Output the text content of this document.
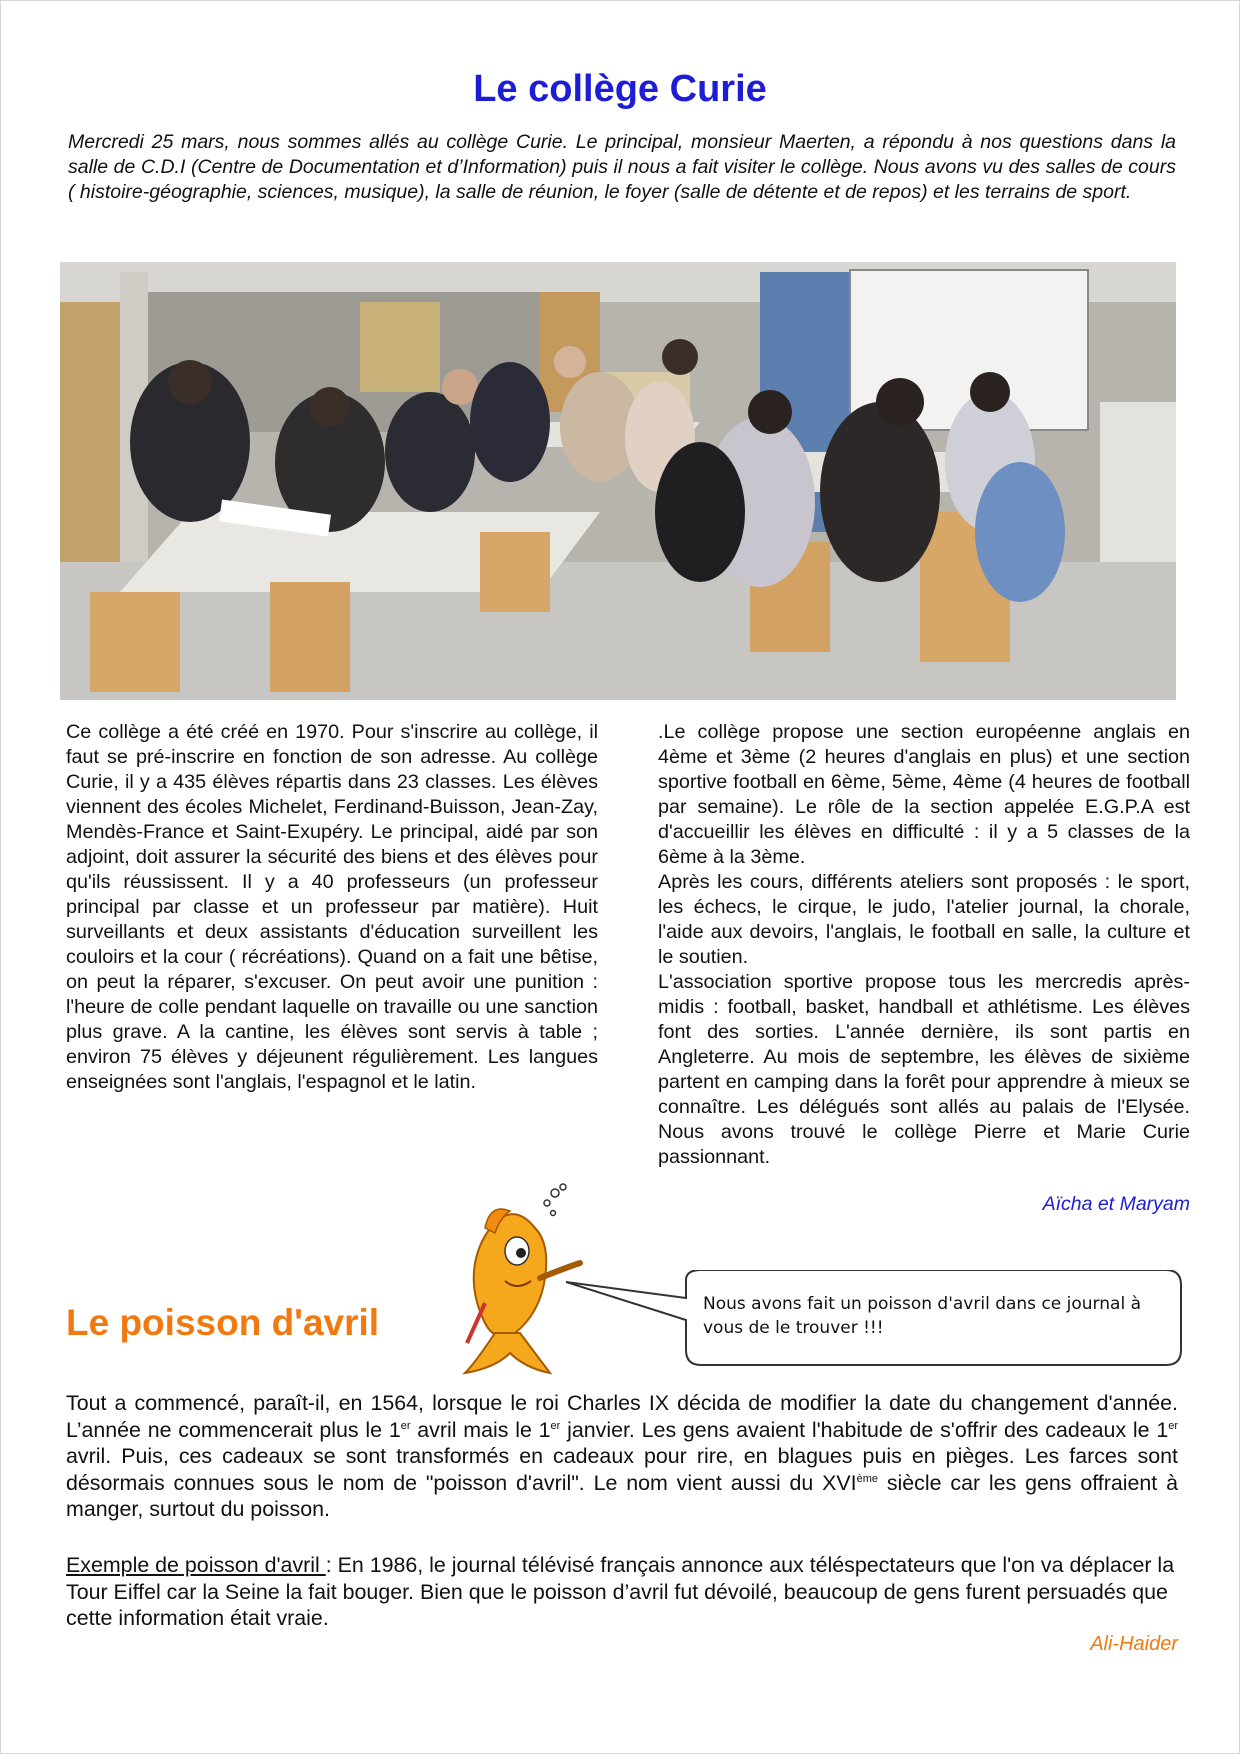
Le collège Curie

Mercredi 25 mars, nous sommes allés au collège Curie. Le principal, monsieur Maerten, a répondu à nos questions dans la salle de C.D.I (Centre de Documentation et d’Information) puis il nous a fait visiter le collège. Nous avons vu des salles de cours ( histoire-géographie, sciences, musique), la salle de réunion, le foyer (salle de détente et de repos) et les terrains de sport.

Ce collège a été créé en 1970. Pour s'inscrire au collège, il faut se pré-inscrire en fonction de son adresse. Au collège Curie, il y a 435 élèves répartis dans 23 classes. Les élèves viennent des écoles Michelet, Ferdinand-Buisson, Jean-Zay, Mendès-France et Saint-Exupéry. Le principal, aidé par son adjoint, doit assurer la sécurité des biens et des élèves pour qu'ils réussissent. Il y a 40 professeurs (un professeur principal par classe et un professeur par matière). Huit surveillants et deux assistants d'éducation surveillent les couloirs et la cour ( récréations). Quand on a fait une bêtise, on peut la réparer, s'excuser. On peut avoir une punition : l'heure de colle pendant laquelle on travaille ou une sanction plus grave. A la cantine, les élèves sont servis à table ; environ 75 élèves y déjeunent régulièrement. Les langues enseignées sont l'anglais, l'espagnol et le latin.

.Le collège propose une section européenne anglais en 4ème et 3ème (2 heures d'anglais en plus) et une section sportive football en 6ème, 5ème, 4ème (4 heures de football par semaine). Le rôle de la section appelée E.G.P.A est d'accueillir les élèves en difficulté : il y a 5 classes de la 6ème à la 3ème.

Après les cours, différents ateliers sont proposés : le sport, les échecs, le cirque, le judo, l'atelier journal, la chorale, l'aide aux devoirs, l'anglais, le football en salle, la culture et le soutien.

L'association sportive propose tous les mercredis après-midis : football, basket, handball et athlétisme. Les élèves font des sorties. L'année dernière, ils sont partis en Angleterre. Au mois de septembre, les élèves de sixième partent en camping dans la forêt pour apprendre à mieux se connaître. Les délégués sont allés au palais de l'Elysée. Nous avons trouvé le collège Pierre et Marie Curie passionnant.

Aïcha et Maryam
Le poisson d'avril	Nous avons fait un poisson d'avril dans ce journal à vous de le trouver !!!

Tout a commencé, paraît-il, en 1564, lorsque le roi Charles IX décida de modifier la date du changement d'année. L’année ne commencerait plus le 1er avril mais le 1er janvier. Les gens avaient l'habitude de s'offrir des cadeaux le 1er avril. Puis, ces cadeaux se sont transformés en cadeaux pour rire, en blagues puis en pièges. Les farces sont désormais connues sous le nom de "poisson d'avril". Le nom vient aussi du XVIème siècle car les gens offraient à manger, surtout du poisson.

Exemple de poisson d'avril : En 1986, le journal télévisé français annonce aux téléspectateurs que l'on va déplacer la Tour Eiffel car la Seine la fait bouger. Bien que le poisson d’avril fut dévoilé, beaucoup de gens furent persuadés que cette information était vraie.

Ali-Haider
